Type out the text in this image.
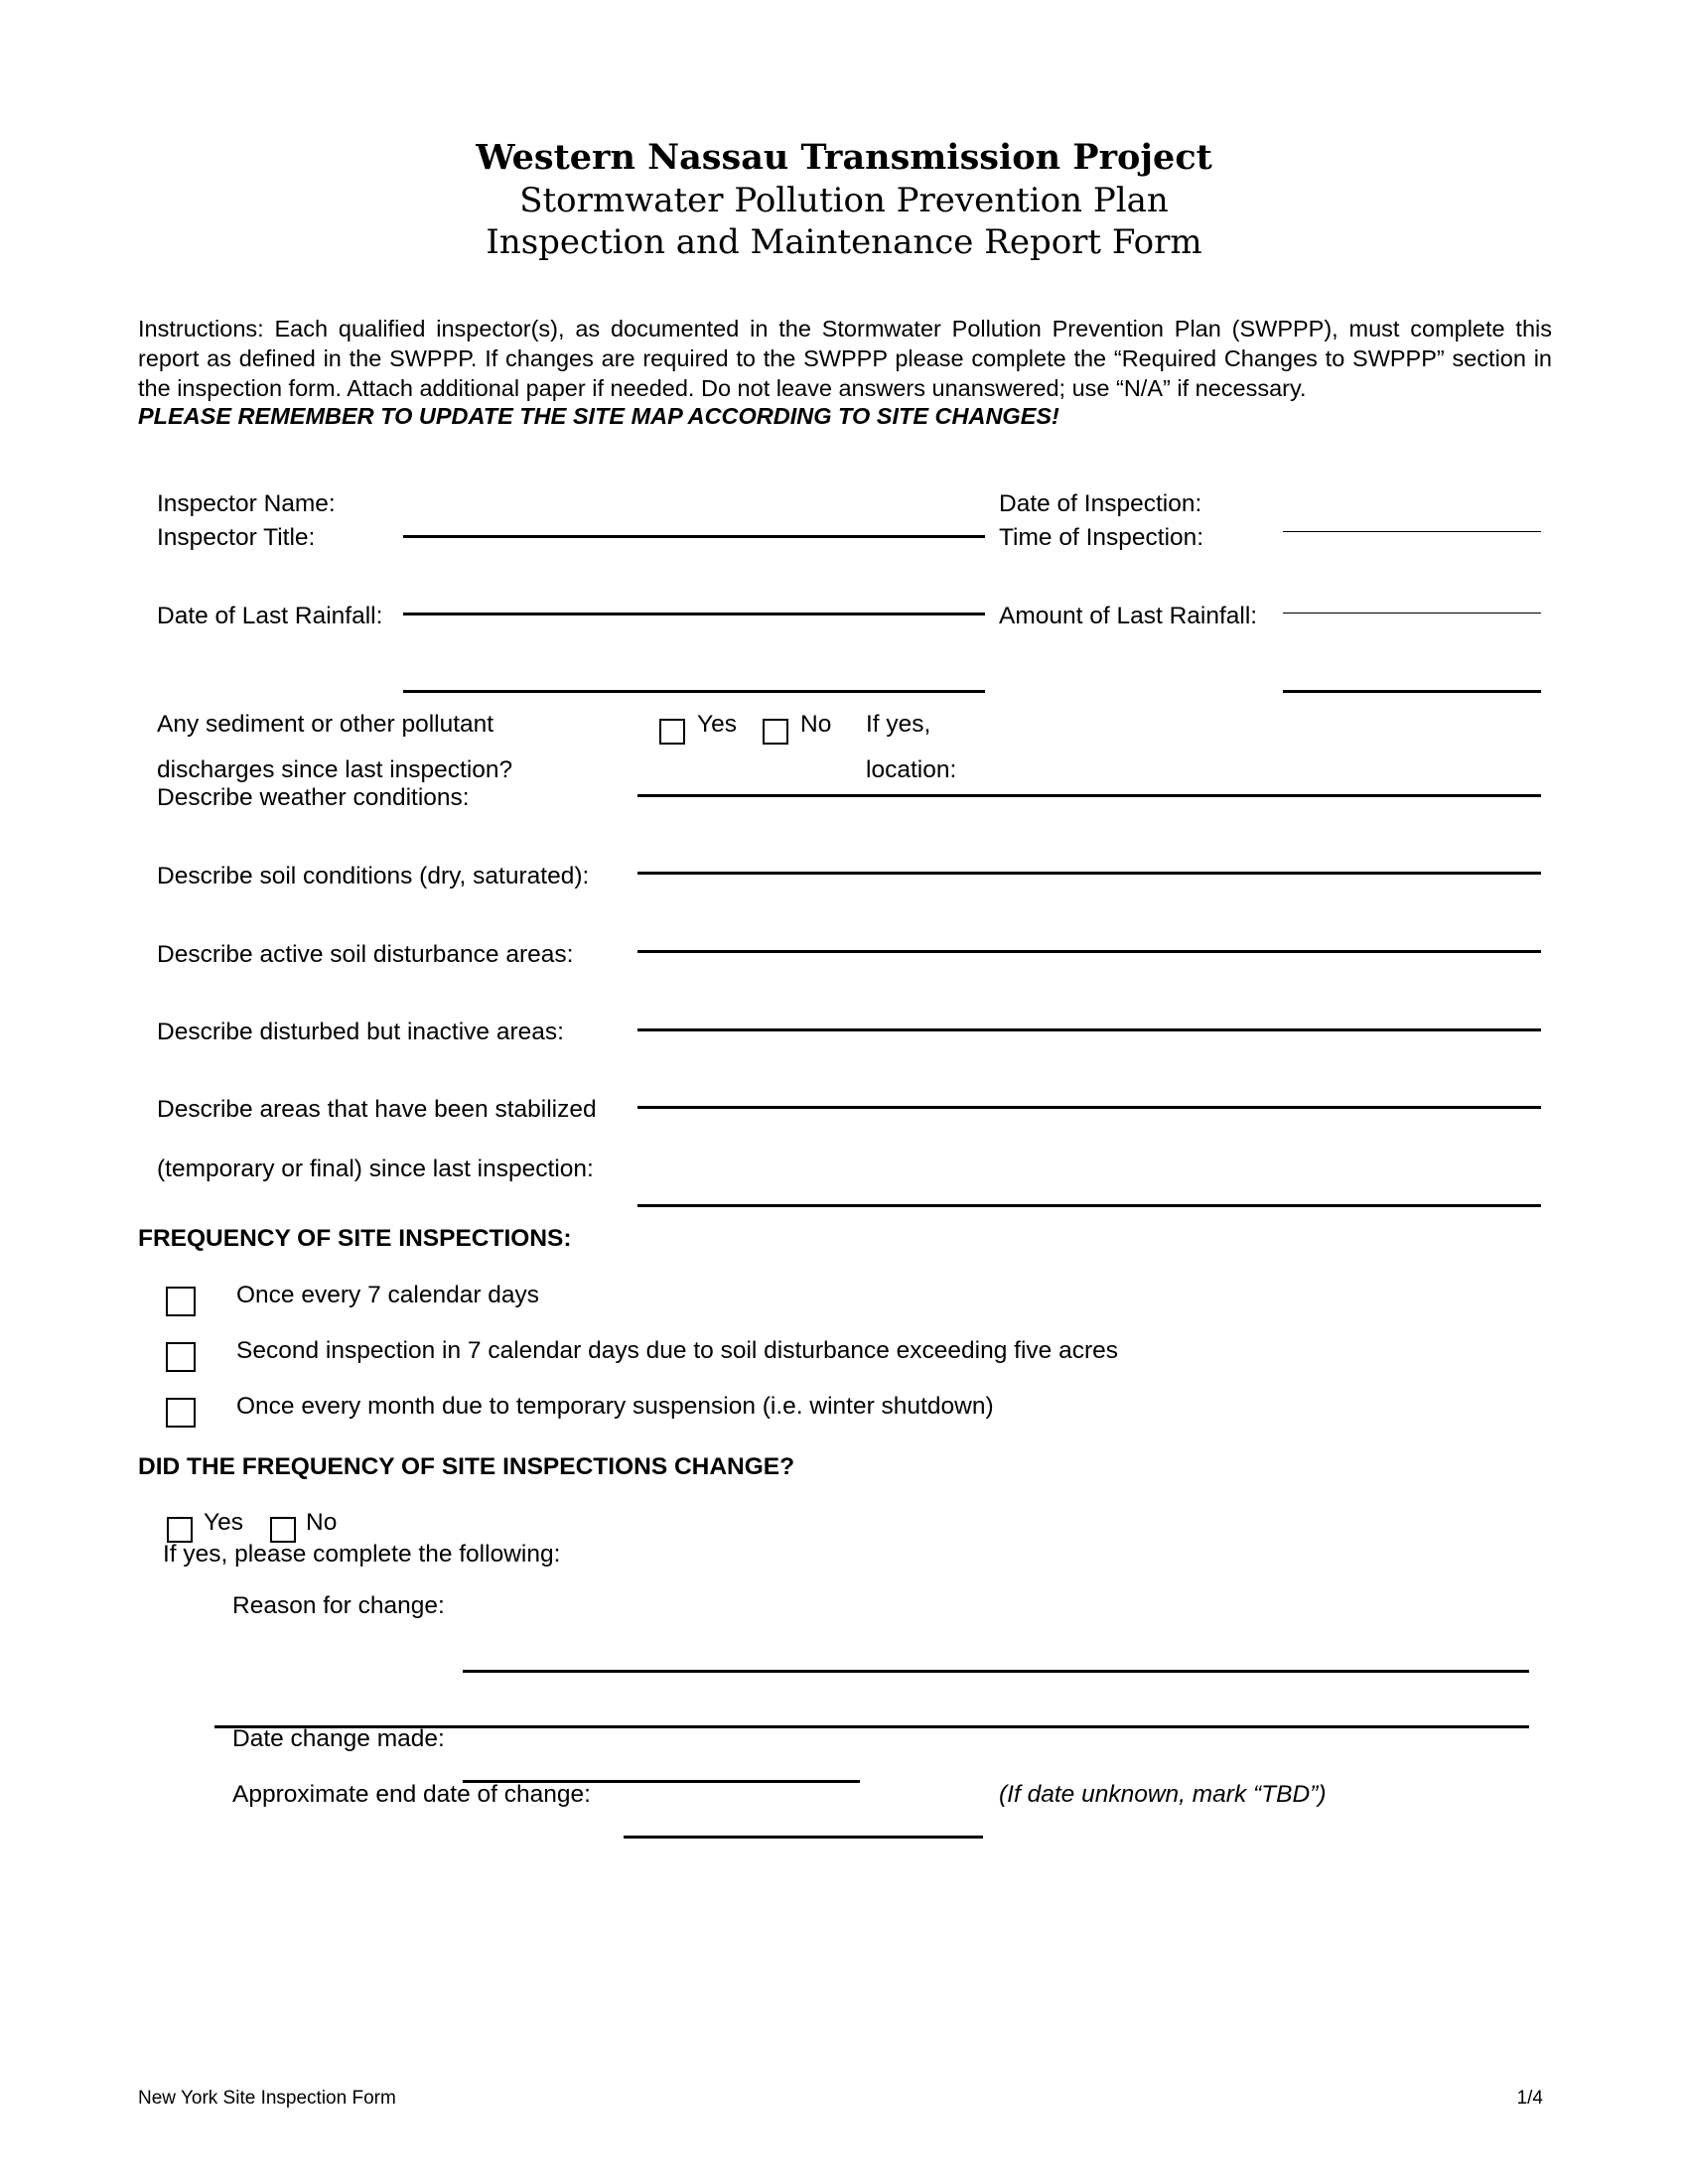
Western Nassau Transmission Project
Stormwater Pollution Prevention Plan
Inspection and Maintenance Report Form
Instructions: Each qualified inspector(s), as documented in the Stormwater Pollution Prevention Plan (SWPPP), must complete this report as defined in the SWPPP. If changes are required to the SWPPP please complete the “Required Changes to SWPPP” section in the inspection form. Attach additional paper if needed. Do not leave answers unanswered; use “N/A” if necessary.
PLEASE REMEMBER TO UPDATE THE SITE MAP ACCORDING TO SITE CHANGES!
Inspector Name:
Inspector Title:
Date of Inspection:
Time of Inspection:
Date of Last Rainfall:	Amount of Last Rainfall:
Any sediment or other pollutant
discharges since last inspection?
Yes	No If yes,
location:
Describe weather conditions:
Describe soil conditions (dry, saturated):
Describe active soil disturbance areas:
Describe disturbed but inactive areas:
Describe areas that have been stabilized
(temporary or final) since last inspection:
FREQUENCY OF SITE INSPECTIONS:
Once every 7 calendar days
Second inspection in 7 calendar days due to soil disturbance exceeding five acres
Once every month due to temporary suspension (i.e. winter shutdown)
DID THE FREQUENCY OF SITE INSPECTIONS CHANGE?
Yes	No
If yes, please complete the following:
Reason for change:
Date change made:
Approximate end date of change:	(If date unknown, mark “TBD”)
New York Site Inspection Form	1/4
